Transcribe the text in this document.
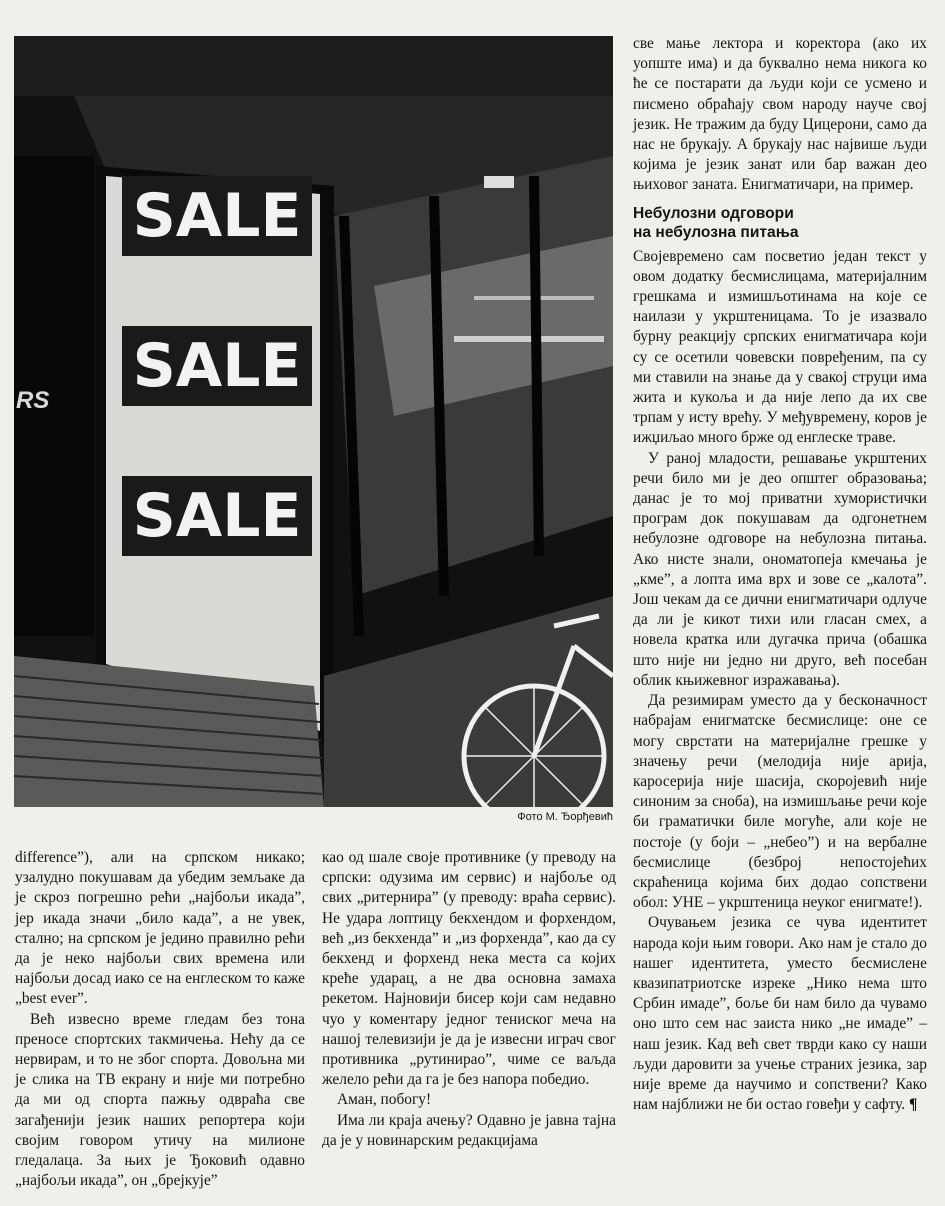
RS
SALE
SALE
SALE
Фото М. Ђорђевић

све мање лектора и коректора (ако их уопште има) и да буквално нема никога ко ће се постарати да људи који се усмено и писмено обраћају свом народу науче свој језик. Не тражим да буду Цицерони, само да нас не брукају. А брукају нас највише људи којима је језик занат или бар важан део њиховог заната. Енигматичари, на пример.

Небулозни одговори
на небулозна питања

Својевремено сам посветио један текст у овом додатку бесмислицама, материјалним грешкама и измишљотинама на које се наилази у укрштеницама. То је изазвало бурну реакцију српских енигматичара који су се осетили човевски повређеним, па су ми ставили на знање да у свакој струци има жита и кукоља и да није лепо да их све трпам у исту врећу. У међувремену, коров је ижџиљао много брже од енглеске траве.

У раној младости, решавање укрштених речи било ми је део општег образовања; данас је то мој приватни хумористички програм док покушавам да одгонетнем небулозне одговоре на небулозна питања. Ако нисте знали, ономатопеја кмечања је „кме”, а лопта има врх и зове се „калота”. Још чекам да се дични енигматичари одлуче да ли је кикот тихи или гласан смех, а новела кратка или дугачка прича (обашка што није ни једно ни друго, већ посебан облик књижевног изражавања).

Да резимирам уместо да у бесконачност набрајам енигматске бесмислице: оне се могу сврстати на материјалне грешке у значењу речи (мелодија није арија, каросерија није шасија, скоројевић није синоним за сноба), на измишљање речи које би граматички биле могуће, али које не постоје (у боји – „небео”) и на вербалне бесмислице (безброј непостојећих скраћеница којима бих додао сопствени обол: УНЕ – укрштеница неуког енигмате!).

Очувањем језика се чува идентитет народа који њим говори. Ако нам је стало до нашег идентитета, уместо бесмислене квазипатриотске изреке „Нико нема што Србин имаде”, боље би нам било да чувамо оно што сем нас заиста нико „не имаде” – наш језик. Кад већ свет тврди како су наши људи даровити за учење страних језика, зар није време да научимо и сопствени? Како нам најближи не би остао говеђи у сафту. ¶

difference”), али на српском никако; узалудно покушавам да убедим земљаке да је скроз погрешно рећи „најбољи икада”, јер икада значи „било када”, а не увек, стално; на српском је једино правилно рећи да је неко најбољи свих времена или најбољи досад иако се на енглеском то каже „best ever”.

Већ извесно време гледам без тона преносе спортских такмичења. Нећу да се нервирам, и то не због спорта. Довољна ми је слика на ТВ екрану и није ми потребно да ми од спорта пажњу одвраћа све загађенији језик наших репортера који својим говором утичу на милионе гледалаца. За њих је Ђоковић одавно „најбољи икада”, он „брејкује”

као од шале своје противнике (у преводу на српски: одузима им сервис) и најбоље од свих „ритернира” (у преводу: враћа сервис). Не удара лоптицу бекхендом и форхендом, већ „из бекхенда” и „из форхенда”, као да су бекхенд и форхенд нека места са којих креће ударац, а не два основна замаха рекетом. Најновији бисер који сам недавно чуо у коментару једног тениског меча на нашој телевизији је да је извесни играч свог противника „рутинирао”, чиме се ваљда желело рећи да га је без напора победио.

Аман, побогу!

Има ли краја ачењу? Одавно је јавна тајна да је у новинарским редакцијама
